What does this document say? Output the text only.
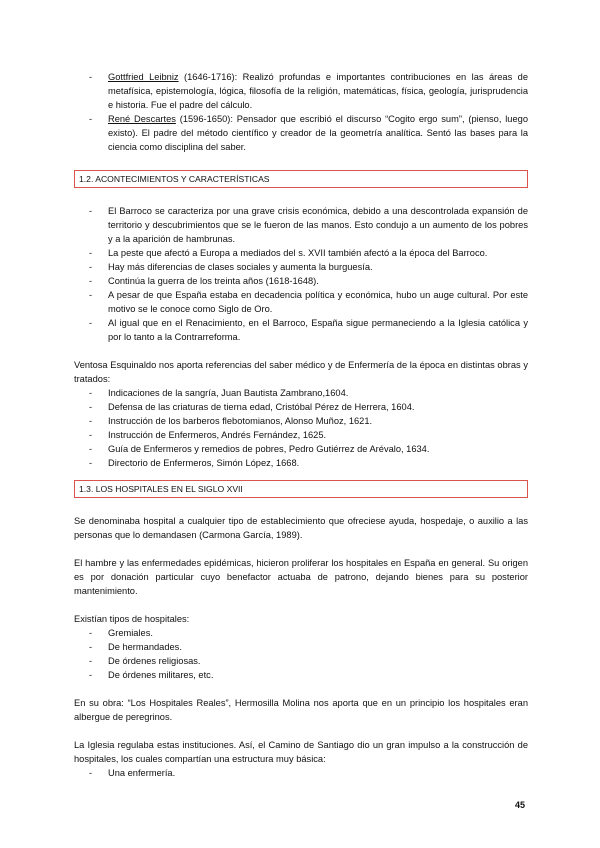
- Gottfried Leibniz (1646-1716): Realizó profundas e importantes contribuciones en las áreas de metafísica, epistemología, lógica, filosofía de la religión, matemáticas, física, geología, jurisprudencia e historia. Fue el padre del cálculo.
- René Descartes (1596-1650): Pensador que escribió el discurso “Cogito ergo sum”, (pienso, luego existo). El padre del método científico y creador de la geometría analítica. Sentó las bases para la ciencia como disciplina del saber.
1.2. ACONTECIMIENTOS Y CARACTERÍSTICAS
- El Barroco se caracteriza por una grave crisis económica, debido a una descontrolada expansión de territorio y descubrimientos que se le fueron de las manos. Esto condujo a un aumento de los pobres y a la aparición de hambrunas.
- La peste que afectó a Europa a mediados del s. XVII también afectó a la época del Barroco.
- Hay más diferencias de clases sociales y aumenta la burguesía.
- Continúa la guerra de los treinta años (1618-1648).
- A pesar de que España estaba en decadencia política y económica, hubo un auge cultural. Por este motivo se le conoce como Siglo de Oro.
- Al igual que en el Renacimiento, en el Barroco, España sigue permaneciendo a la Iglesia católica y por lo tanto a la Contrarreforma.

Ventosa Esquinaldo nos aporta referencias del saber médico y de Enfermería de la época en distintas obras y tratados:

- Indicaciones de la sangría, Juan Bautista Zambrano,1604.
- Defensa de las criaturas de tierna edad, Cristóbal Pérez de Herrera, 1604.
- Instrucción de los barberos flebotomianos, Alonso Muñoz, 1621.
- Instrucción de Enfermeros, Andrés Fernández, 1625.
- Guía de Enfermeros y remedios de pobres, Pedro Gutiérrez de Arévalo, 1634.
- Directorio de Enfermeros, Simón López, 1668.
1.3. LOS HOSPITALES EN EL SIGLO XVII

Se denominaba hospital a cualquier tipo de establecimiento que ofreciese ayuda, hospedaje, o auxilio a las personas que lo demandasen (Carmona García, 1989).

El hambre y las enfermedades epidémicas, hicieron proliferar los hospitales en España en general. Su origen es por donación particular cuyo benefactor actuaba de patrono, dejando bienes para su posterior mantenimiento.

Existían tipos de hospitales:

- Gremiales.
- De hermandades.
- De órdenes religiosas.
- De órdenes militares, etc.

En su obra: “Los Hospitales Reales”, Hermosilla Molina nos aporta que en un principio los hospitales eran albergue de peregrinos.

La Iglesia regulaba estas instituciones. Así, el Camino de Santiago dio un gran impulso a la construcción de hospitales, los cuales compartían una estructura muy básica:

- Una enfermería.
45
